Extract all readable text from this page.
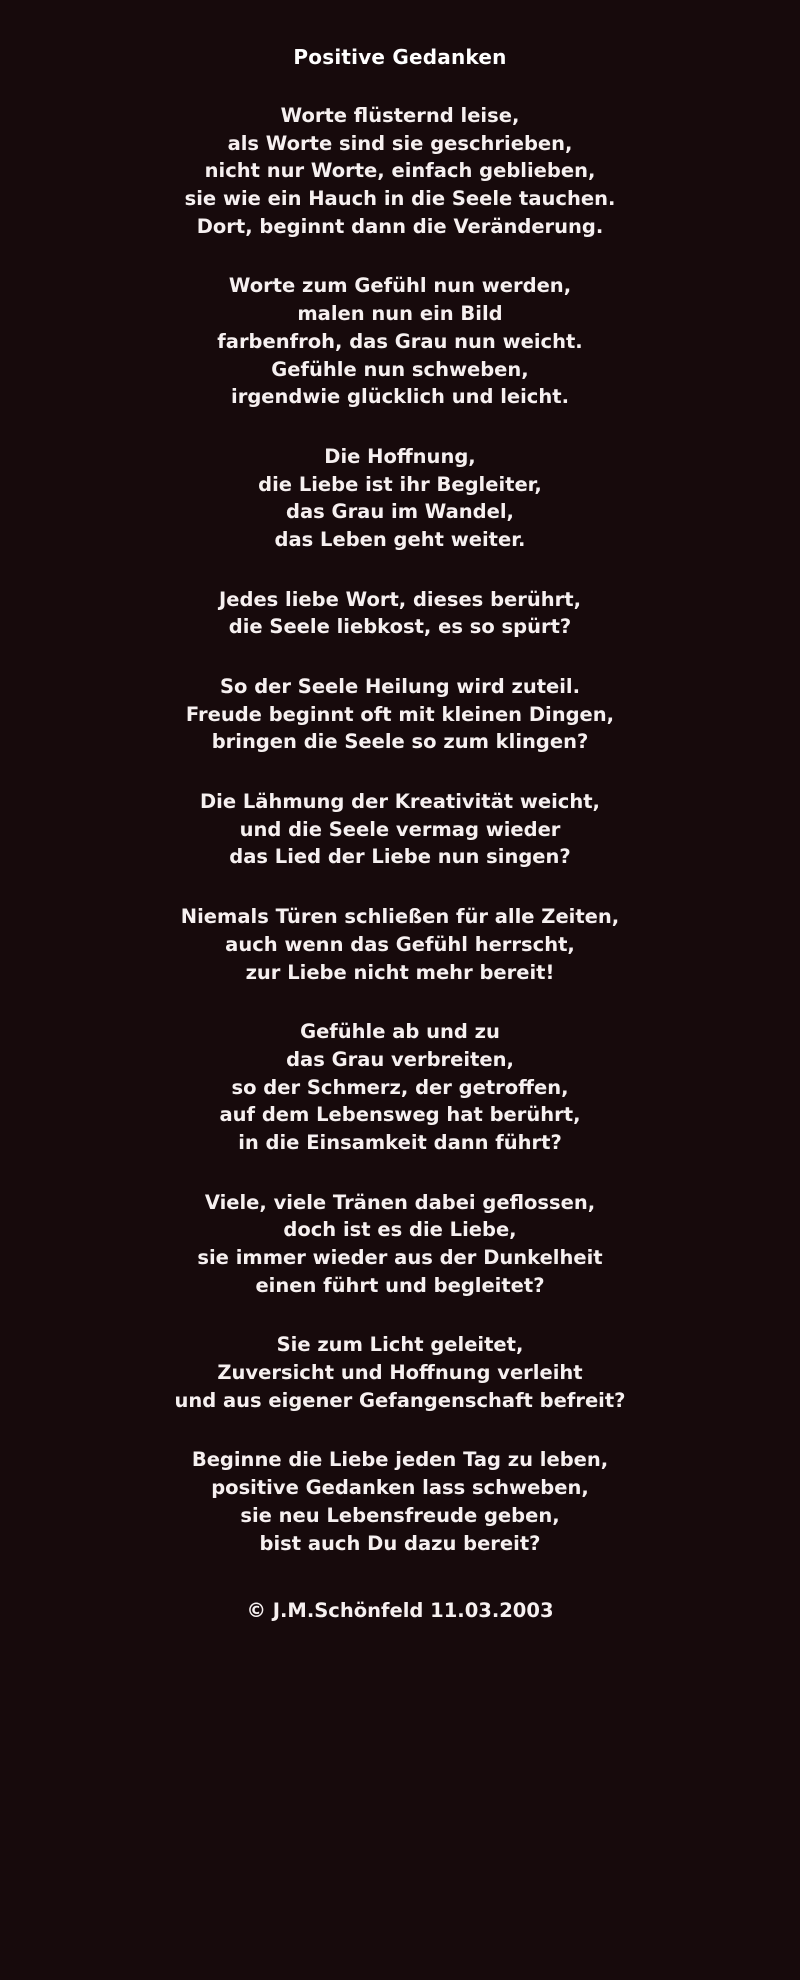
Positive Gedanken
Worte flüsternd leise,
als Worte sind sie geschrieben,
nicht nur Worte, einfach geblieben,
sie wie ein Hauch in die Seele tauchen.
Dort, beginnt dann die Veränderung.
Worte zum Gefühl nun werden,
malen nun ein Bild
farbenfroh, das Grau nun weicht.
Gefühle nun schweben,
irgendwie glücklich und leicht.
Die Hoffnung,
die Liebe ist ihr Begleiter,
das Grau im Wandel,
das Leben geht weiter.
Jedes liebe Wort, dieses berührt,
die Seele liebkost, es so spürt?
So der Seele Heilung wird zuteil.
Freude beginnt oft mit kleinen Dingen,
bringen die Seele so zum klingen?
Die Lähmung der Kreativität weicht,
und die Seele vermag wieder
das Lied der Liebe nun singen?
Niemals Türen schließen für alle Zeiten,
auch wenn das Gefühl herrscht,
zur Liebe nicht mehr bereit!
Gefühle ab und zu
das Grau verbreiten,
so der Schmerz, der getroffen,
auf dem Lebensweg hat berührt,
in die Einsamkeit dann führt?
Viele, viele Tränen dabei geflossen,
doch ist es die Liebe,
sie immer wieder aus der Dunkelheit
einen führt und begleitet?
Sie zum Licht geleitet,
Zuversicht und Hoffnung verleiht
und aus eigener Gefangenschaft befreit?
Beginne die Liebe jeden Tag zu leben,
positive Gedanken lass schweben,
sie neu Lebensfreude geben,
bist auch Du dazu bereit?
© J.M.Schönfeld 11.03.2003
